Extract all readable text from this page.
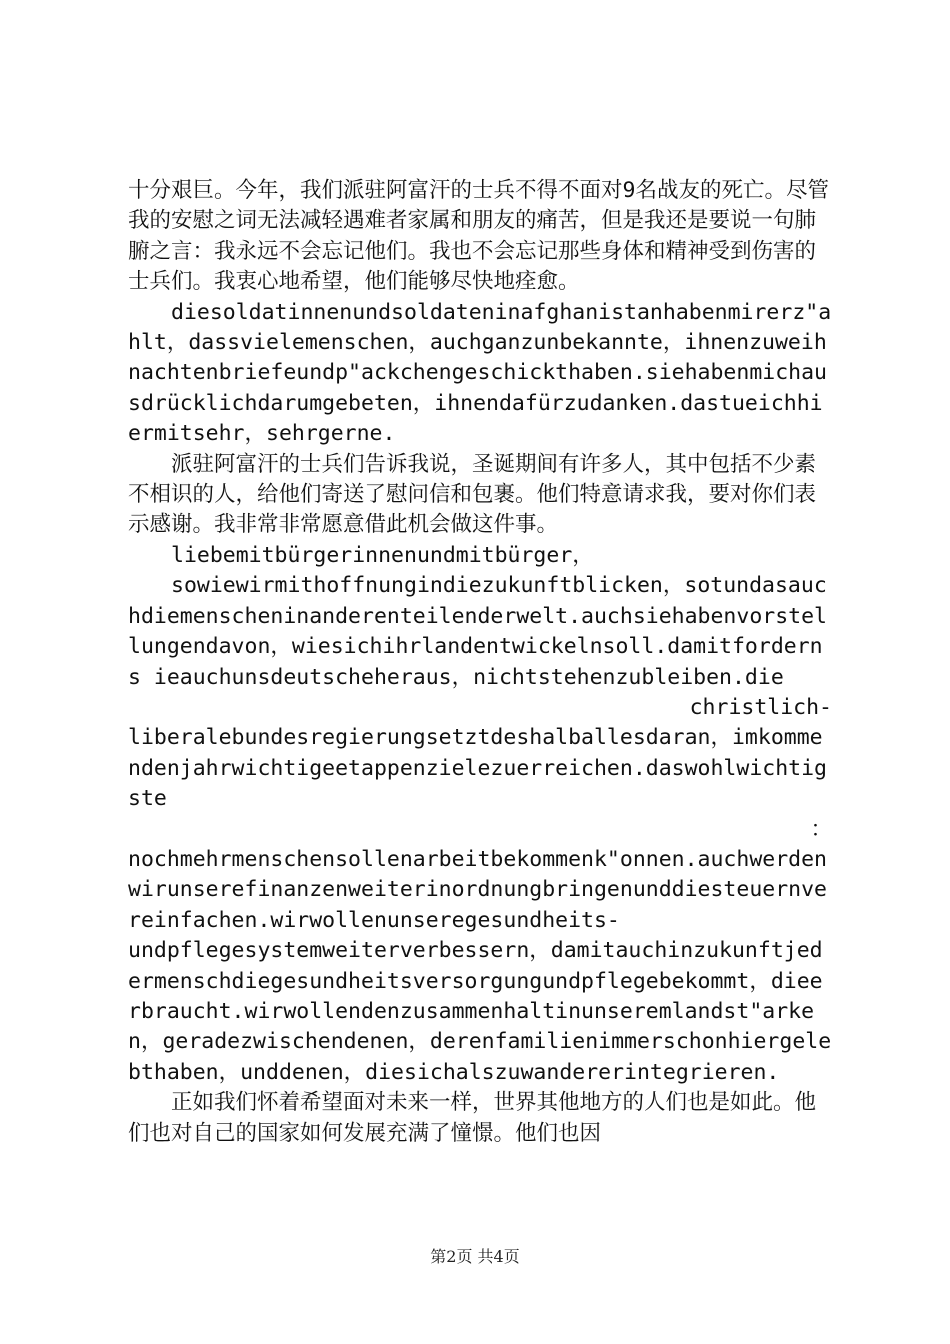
十分艰巨。今年，我们派驻阿富汗的士兵不得不面对9名战友的死亡。尽管我的安慰之词无法减轻遇难者家属和朋友的痛苦，但是我还是要说一句肺腑之言：我永远不会忘记他们。我也不会忘记那些身体和精神受到伤害的士兵们。我衷心地希望，他们能够尽快地痊愈。

diesoldatinnenundsoldateninafghanistanhabenmirerz"ahlt，dassvielemenschen，auchganzunbekannte，ihnenzuweihnachtenbriefeundp"ackchengeschickthaben.siehabenmichausdrücklichdarumgebeten，ihnendafürzudanken.dastueichhiermitsehr，sehrgerne.

派驻阿富汗的士兵们告诉我说，圣诞期间有许多人，其中包括不少素不相识的人，给他们寄送了慰问信和包裹。他们特意请求我，要对你们表示感谢。我非常非常愿意借此机会做这件事。

liebemitbürgerinnenundmitbürger，

sowiewirmithoffnungindiezukunftblicken，sotundasauchdiemenscheninanderenteilenderwelt.auchsiehabenvorstellungendavon，wiesichihrlandentwickelnsoll.damitforderns ieauchunsdeutscheheraus，nichtstehenzubleiben.die

christlich-

liberalebundesregierungsetztdeshalballesdaran，imkommendenjahrwichtigeetappenzielezuerreichen.daswohlwichtigste

：

nochmehrmenschensollenarbeitbekommenk"onnen.auchwerdenwirunserefinanzenweiterinordnungbringenunddiesteuernvereinfachen.wirwollenunseregesundheits-

undpflegesystemweiterverbessern，damitauchinzukunftjedermenschdiegesundheitsversorgungundpflegebekommt，dieerbraucht.wirwollendenzusammenhaltinunseremlandst"arken，geradezwischendenen，derenfamilienimmerschonhiergelebthaben，unddenen，diesichalszuwandererintegrieren.

正如我们怀着希望面对未来一样，世界其他地方的人们也是如此。他们也对自己的国家如何发展充满了憧憬。他们也因

第2页 共4页
